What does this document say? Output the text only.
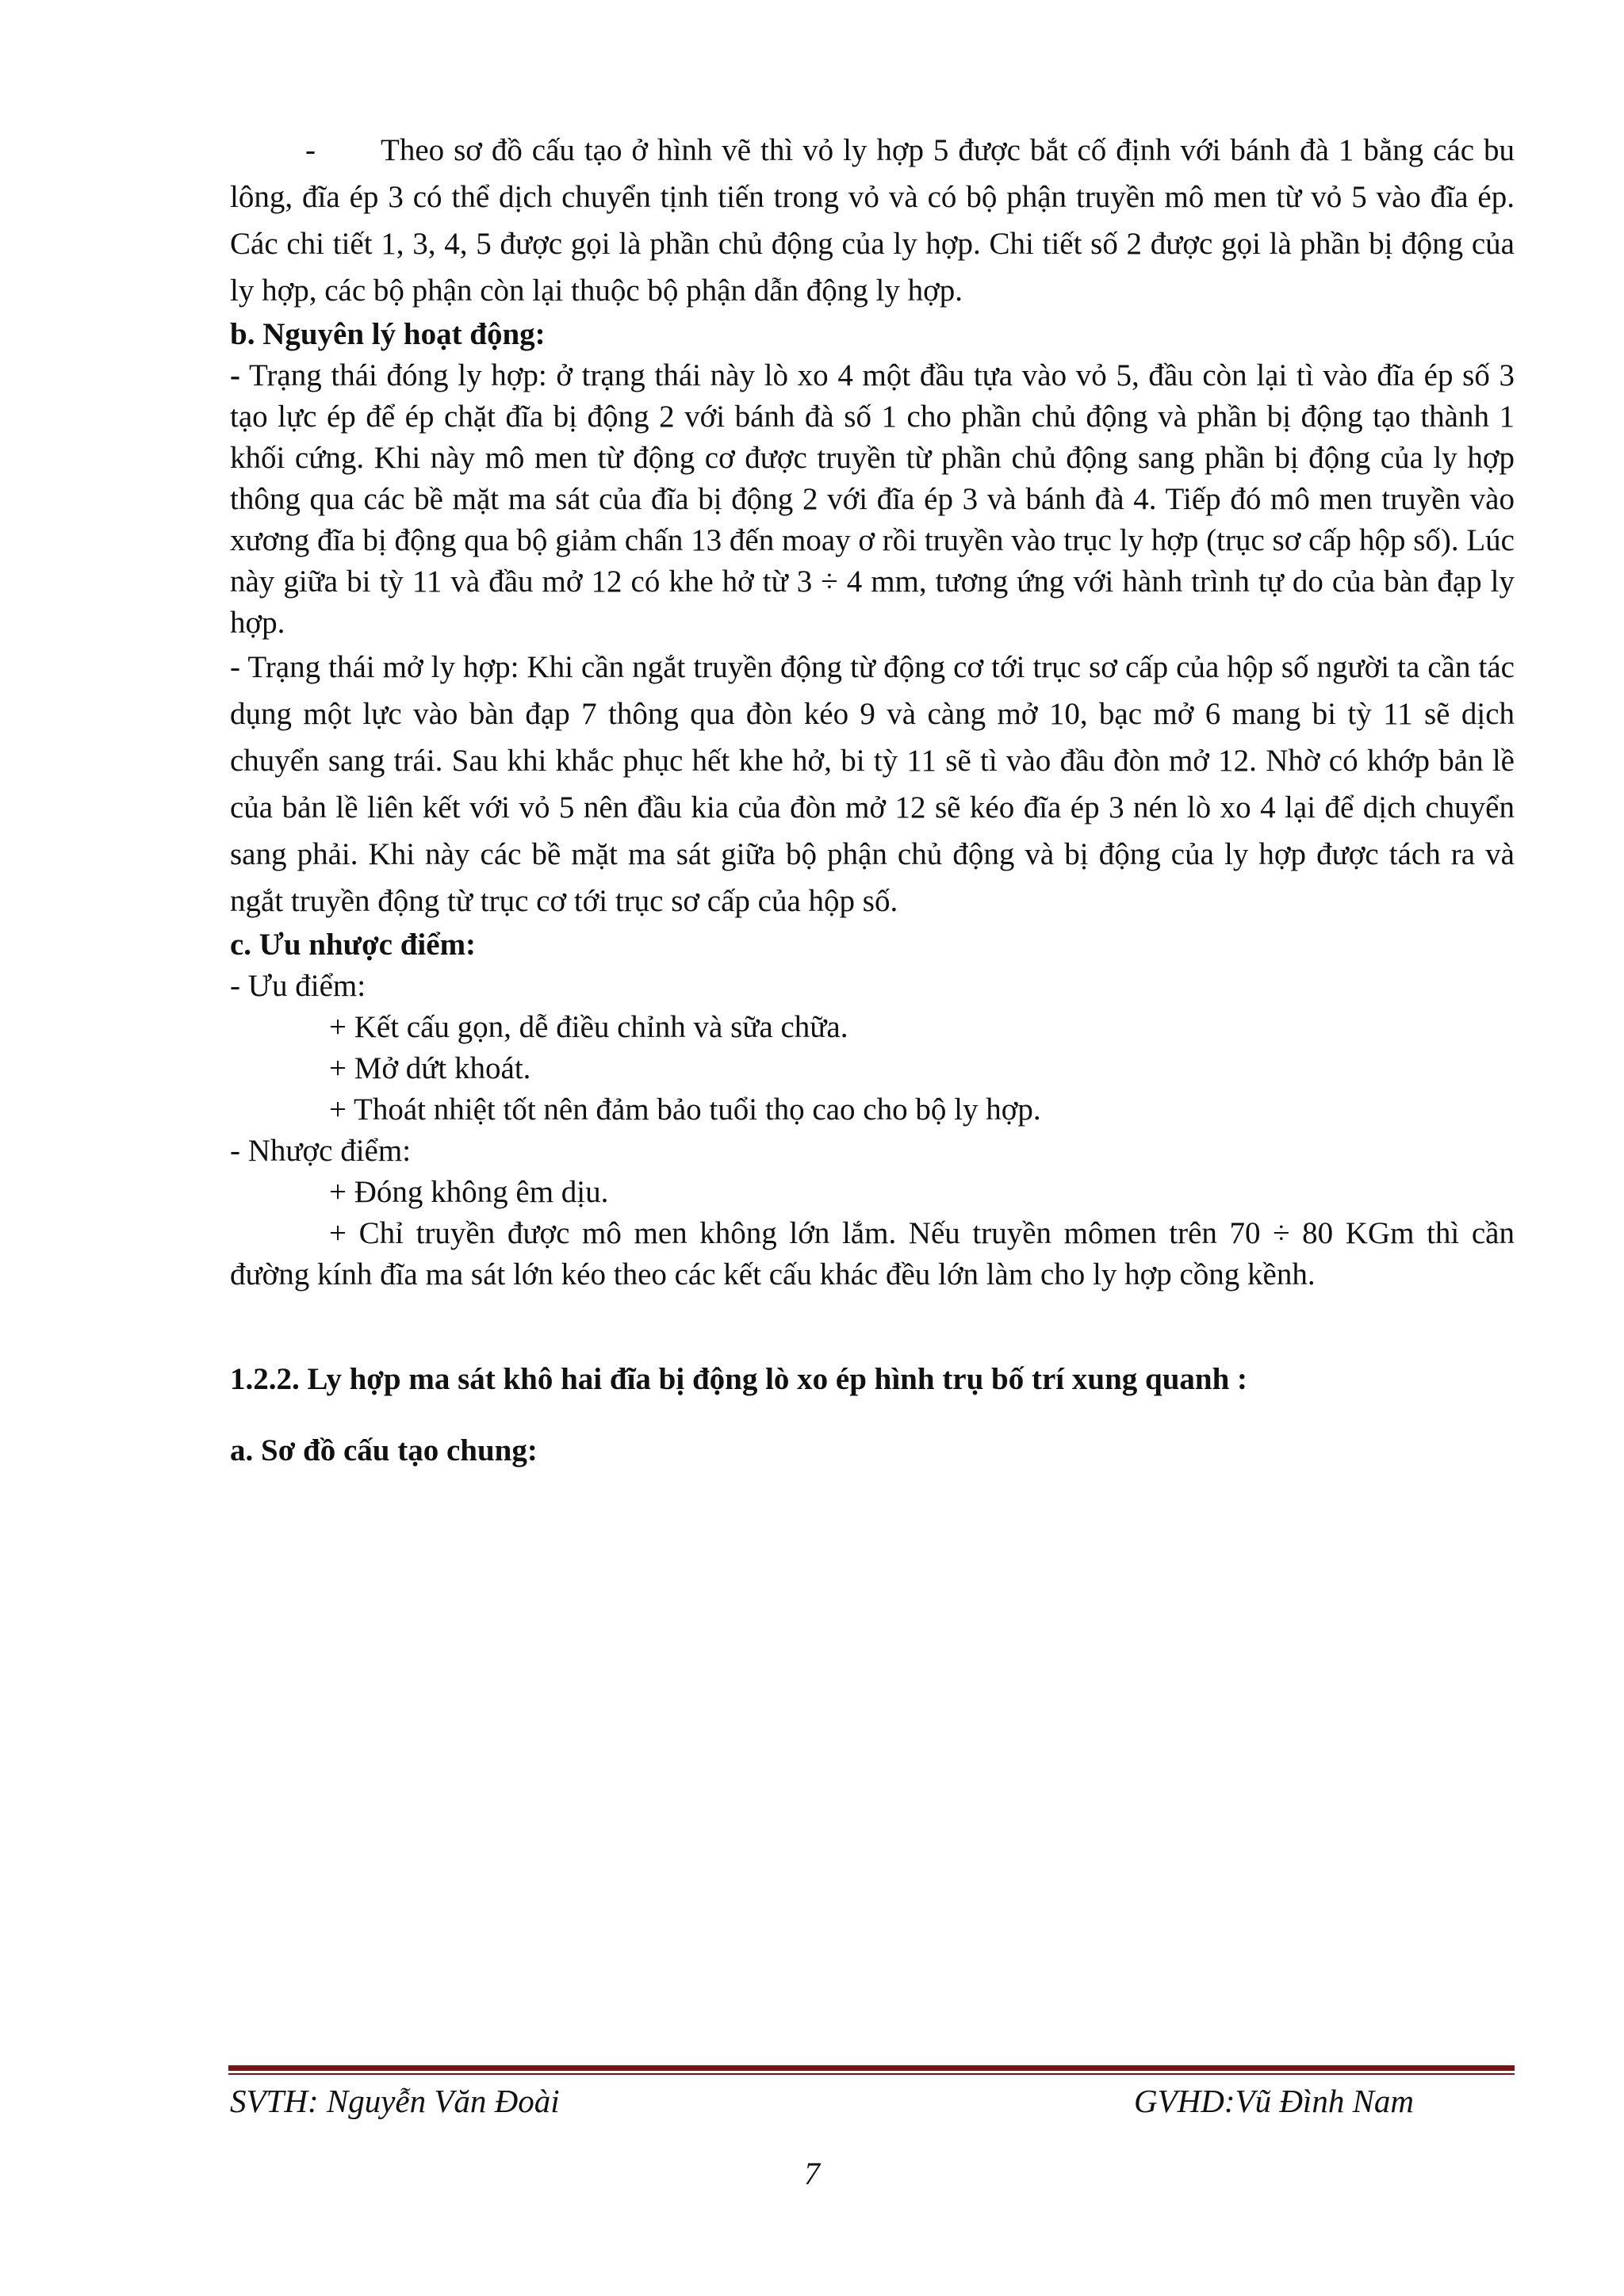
- Theo sơ đồ cấu tạo ở hình vẽ thì vỏ ly hợp 5 được bắt cố định với bánh đà 1 bằng các bu lông, đĩa ép 3 có thể dịch chuyển tịnh tiến trong vỏ và có bộ phận truyền mô men từ vỏ 5 vào đĩa ép. Các chi tiết 1, 3, 4, 5 được gọi là phần chủ động của ly hợp. Chi tiết số 2 được gọi là phần bị động của ly hợp, các bộ phận còn lại thuộc bộ phận dẫn động ly hợp.

b. Nguyên lý hoạt động:

- Trạng thái đóng ly hợp: ở trạng thái này lò xo 4 một đầu tựa vào vỏ 5, đầu còn lại tì vào đĩa ép số 3 tạo lực ép để ép chặt đĩa bị động 2 với bánh đà số 1 cho phần chủ động và phần bị động tạo thành 1 khối cứng. Khi này mô men từ động cơ được truyền từ phần chủ động sang phần bị động của ly hợp thông qua các bề mặt ma sát của đĩa bị động 2 với đĩa ép 3 và bánh đà 4. Tiếp đó mô men truyền vào xương đĩa bị động qua bộ giảm chấn 13 đến moay ơ rồi truyền vào trục ly hợp (trục sơ cấp hộp số). Lúc này giữa bi tỳ 11 và đầu mở 12 có khe hở từ 3 ÷ 4 mm, tương ứng với hành trình tự do của bàn đạp ly hợp.

- Trạng thái mở ly hợp: Khi cần ngắt truyền động từ động cơ tới trục sơ cấp của hộp số người ta cần tác dụng một lực vào bàn đạp 7 thông qua đòn kéo 9 và càng mở 10, bạc mở 6 mang bi tỳ 11 sẽ dịch chuyển sang trái. Sau khi khắc phục hết khe hở, bi tỳ 11 sẽ tì vào đầu đòn mở 12. Nhờ có khớp bản lề của bản lề liên kết với vỏ 5 nên đầu kia của đòn mở 12 sẽ kéo đĩa ép 3 nén lò xo 4 lại để dịch chuyển sang phải. Khi này các bề mặt ma sát giữa bộ phận chủ động và bị động của ly hợp được tách ra và ngắt truyền động từ trục cơ tới trục sơ cấp của hộp số.

c. Ưu nhược điểm:

- Ưu điểm:

+ Kết cấu gọn, dễ điều chỉnh và sữa chữa.

+ Mở dứt khoát.

+ Thoát nhiệt tốt nên đảm bảo tuổi thọ cao cho bộ ly hợp.

- Nhược điểm:

+ Đóng không êm dịu.

+ Chỉ truyền được mô men không lớn lắm. Nếu truyền mômen trên 70 ÷ 80 KGm thì cần đường kính đĩa ma sát lớn kéo theo các kết cấu khác đều lớn làm cho ly hợp cồng kềnh.

1.2.2. Ly hợp ma sát khô hai đĩa bị động lò xo ép hình trụ bố trí xung quanh :

a. Sơ đồ cấu tạo chung:

SVTH: Nguyễn Văn Đoài	GVHD:Vũ Đình Nam
7
